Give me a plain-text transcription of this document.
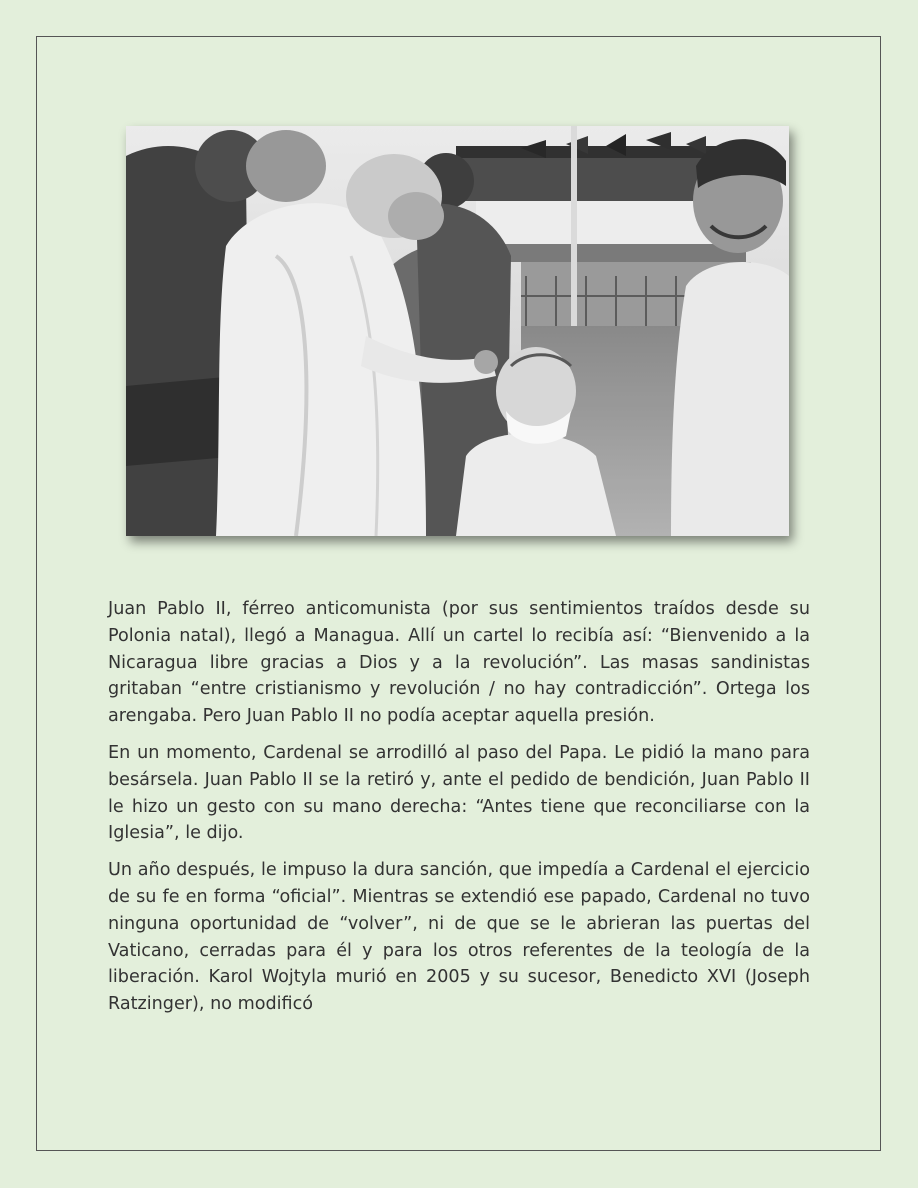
Juan Pablo II, férreo anticomunista (por sus sentimientos traídos desde su Polonia natal), llegó a Managua. Allí un cartel lo recibía así: “Bienvenido a la Nicaragua libre gracias a Dios y a la revolución”. Las masas sandinistas gritaban “entre cristianismo y revolución / no hay contradicción”. Ortega los arengaba. Pero Juan Pablo II no podía aceptar aquella presión.

En un momento, Cardenal se arrodilló al paso del Papa. Le pidió la mano para besársela. Juan Pablo II se la retiró y, ante el pedido de bendición, Juan Pablo II le hizo un gesto con su mano derecha: “Antes tiene que reconciliarse con la Iglesia”, le dijo.

Un año después, le impuso la dura sanción, que impedía a Cardenal el ejercicio de su fe en forma “oficial”. Mientras se extendió ese papado, Cardenal no tuvo ninguna oportunidad de “volver”, ni de que se le abrieran las puertas del Vaticano, cerradas para él y para los otros referentes de la teología de la liberación. Karol Wojtyla murió en 2005 y su sucesor, Benedicto XVI (Joseph Ratzinger), no modificó
